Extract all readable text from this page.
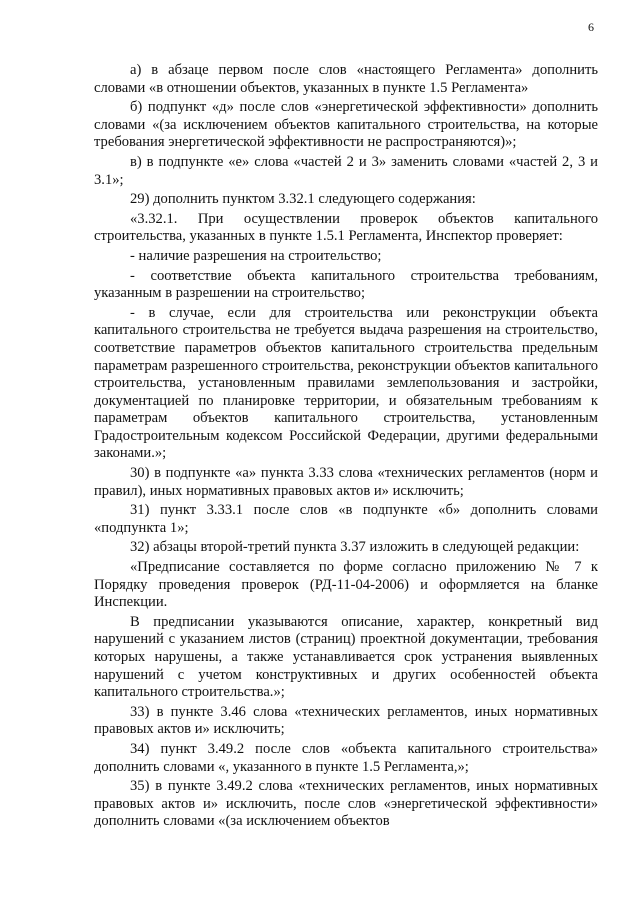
6

а) в абзаце первом после слов «настоящего Регламента» дополнить словами «в отношении объектов, указанных в пункте 1.5 Регламента»

б) подпункт «д» после слов «энергетической эффективности» дополнить словами «(за исключением объектов капитального строительства, на которые требования энергетической эффективности не распространяются)»;

в) в подпункте «е» слова «частей 2 и 3» заменить словами «частей 2, 3 и 3.1»;

29) дополнить пунктом 3.32.1 следующего содержания:

«3.32.1. При осуществлении проверок объектов капитального строительства, указанных в пункте 1.5.1 Регламента, Инспектор проверяет:

- наличие разрешения на строительство;

- соответствие объекта капитального строительства требованиям, указанным в разрешении на строительство;

- в случае, если для строительства или реконструкции объекта капитального строительства не требуется выдача разрешения на строительство, соответствие параметров объектов капитального строительства предельным параметрам разрешенного строительства, реконструкции объектов капитального строительства, установленным правилами землепользования и застройки, документацией по планировке территории, и обязательным требованиям к параметрам объектов капитального строительства, установленным Градостроительным кодексом Российской Федерации, другими федеральными законами.»;

30) в подпункте «а» пункта 3.33 слова «технических регламентов (норм и правил), иных нормативных правовых актов и» исключить;

31) пункт 3.33.1 после слов «в подпункте «б» дополнить словами «подпункта 1»;

32) абзацы второй-третий пункта 3.37 изложить в следующей редакции:

«Предписание составляется по форме согласно приложению № 7 к Порядку проведения проверок (РД-11-04-2006) и оформляется на бланке Инспекции.

В предписании указываются описание, характер, конкретный вид нарушений с указанием листов (страниц) проектной документации, требования которых нарушены, а также устанавливается срок устранения выявленных нарушений с учетом конструктивных и других особенностей объекта капитального строительства.»;

33) в пункте 3.46 слова «технических регламентов, иных нормативных правовых актов и» исключить;

34) пункт 3.49.2 после слов «объекта капитального строительства» дополнить словами «, указанного в пункте 1.5 Регламента,»;

35) в пункте 3.49.2 слова «технических регламентов, иных нормативных правовых актов и» исключить, после слов «энергетической эффективности» дополнить словами «(за исключением объектов
